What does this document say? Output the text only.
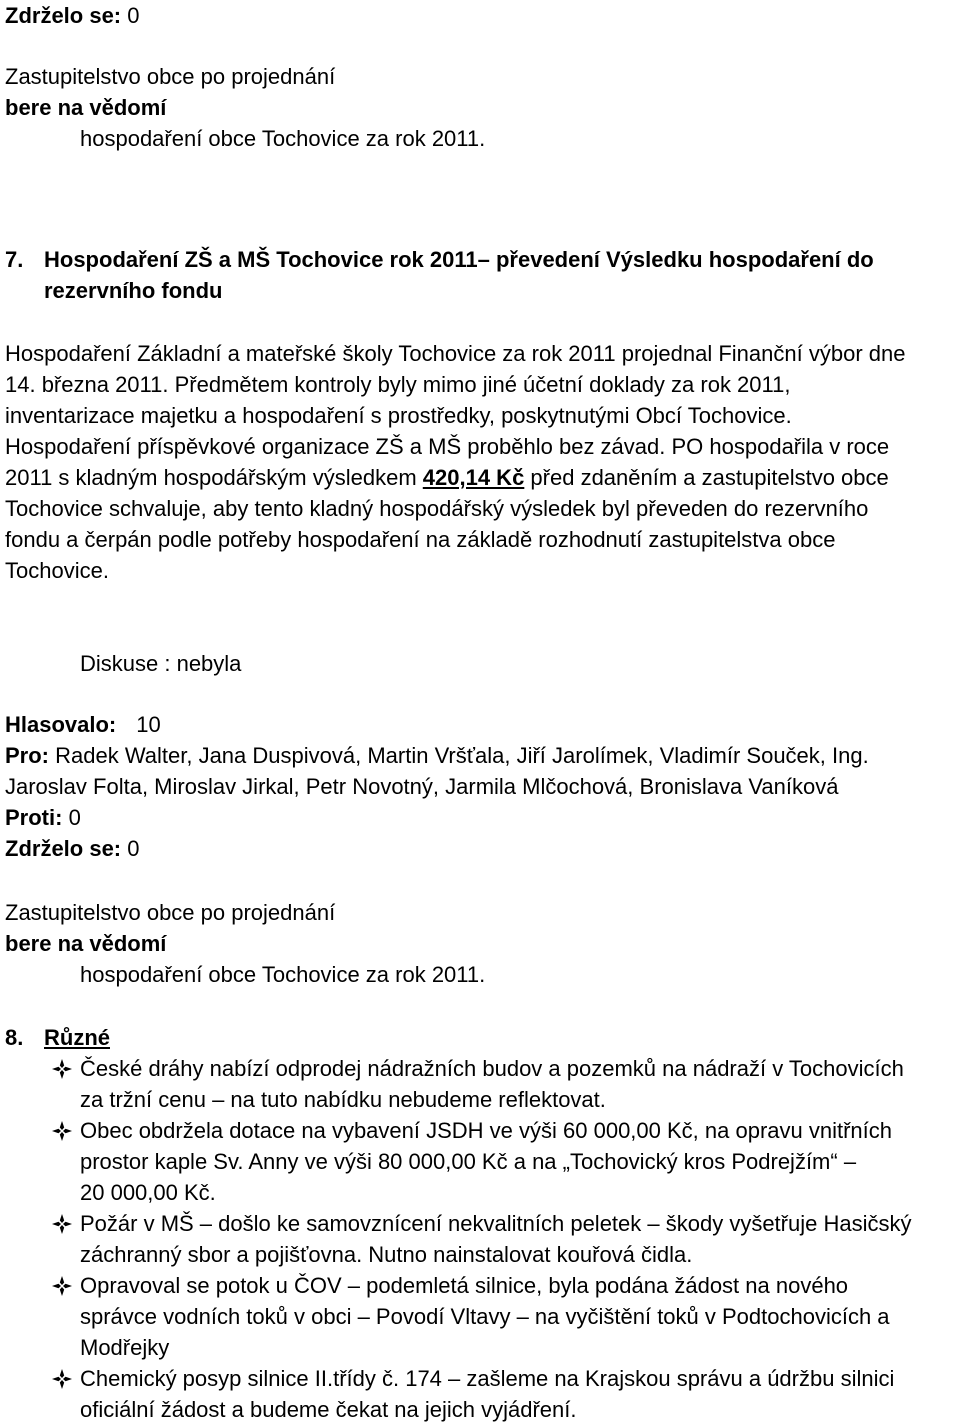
Zdrželo se: 0
Zastupitelstvo obce po projednání
bere na vědomí
hospodaření obce Tochovice za rok 2011.
7. Hospodaření ZŠ a MŠ Tochovice rok 2011– převedení Výsledku hospodaření do
rezervního fondu
Hospodaření Základní a mateřské školy Tochovice za rok 2011 projednal Finanční výbor dne
14. března 2011. Předmětem kontroly byly mimo jiné účetní doklady za rok 2011,
inventarizace majetku a hospodaření s prostředky, poskytnutými Obcí Tochovice.
Hospodaření příspěvkové organizace ZŠ a MŠ proběhlo bez závad. PO hospodařila v roce
2011 s kladným hospodářským výsledkem 420,14 Kč před zdaněním a zastupitelstvo obce
Tochovice schvaluje, aby tento kladný hospodářský výsledek byl převeden do rezervního
fondu a čerpán podle potřeby hospodaření na základě rozhodnutí zastupitelstva obce
Tochovice.
Diskuse : nebyla
Hlasovalo: 10
Pro: Radek Walter, Jana Duspivová, Martin Vršťala, Jiří Jarolímek, Vladimír Souček, Ing.
Jaroslav Folta, Miroslav Jirkal, Petr Novotný, Jarmila Mlčochová, Bronislava Vaníková
Proti: 0
Zdrželo se: 0
Zastupitelstvo obce po projednání
bere na vědomí
hospodaření obce Tochovice za rok 2011.
8. Různé
České dráhy nabízí odprodej nádražních budov a pozemků na nádraží v Tochovicích
za tržní cenu – na tuto nabídku nebudeme reflektovat.
Obec obdržela dotace na vybavení JSDH ve výši 60 000,00 Kč, na opravu vnitřních
prostor kaple Sv. Anny ve výši 80 000,00 Kč a na „Tochovický kros Podrejžím“ –
20 000,00 Kč.
Požár v MŠ – došlo ke samovznícení nekvalitních peletek – škody vyšetřuje Hasičský
záchranný sbor a pojišťovna. Nutno nainstalovat kouřová čidla.
Opravoval se potok u ČOV – podemletá silnice, byla podána žádost na nového
správce vodních toků v obci – Povodí Vltavy – na vyčištění toků v Podtochovicích a
Modřejky
Chemický posyp silnice II.třídy č. 174 – zašleme na Krajskou správu a údržbu silnici
oficiální žádost a budeme čekat na jejich vyjádření.
